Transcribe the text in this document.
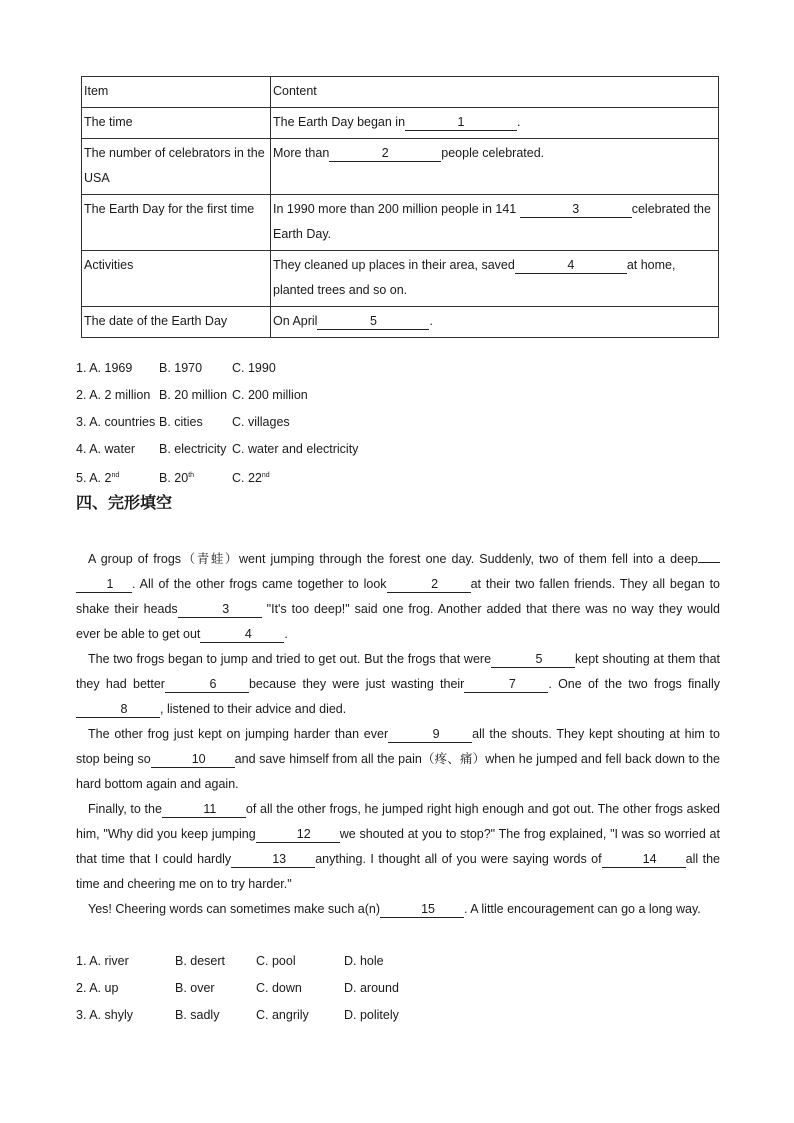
Item	Content
The time	The Earth Day began in 1 .
The number of celebrators in the USA	More than 2 people celebrated.
The Earth Day for the first time	In 1990 more than 200 million people in 141 3 celebrated the Earth Day.
Activities	They cleaned up places in their area, saved 4 at home, planted trees and so on.
The date of the Earth Day	On April 5 .
1. A. 1969 B. 1970 C. 1990
2. A. 2 million B. 20 million C. 200 million
3. A. countries B. cities C. villages
4. A. water B. electricity C. water and electricity
5. A. 2nd	B. 20th	C. 22nd
四、完形填空

A group of frogs（青蛙）went jumping through the forest one day. Suddenly, two of them fell into a deep1 . All of the other frogs came together to look	2	at their two fallen friends. They all began to shake their heads	3	"It's too deep!" said one frog. Another added that there was no way they would ever be able to get out	4	.

The two frogs began to jump and tried to get out. But the frogs that were	5	kept shouting at them that they had better	6	because they were just wasting their	7	. One of the two frogs finally8	, listened to their advice and died.

The other frog just kept on jumping harder than ever	9	all the shouts. They kept shouting at him to stop being so	10 and save himself from all the pain（疼、痛）when he jumped and fell back down to the hard bottom again and again.

Finally, to the	11 of all the other frogs, he jumped right high enough and got out. The other frogs asked him, "Why did you keep jumping	12 we shouted at you to stop?" The frog explained, "I was so worried at that time that I could hardly	13 anything. I thought all of you were saying words of	14 all the time and cheering me on to try harder."

Yes! Cheering words can sometimes make such a(n)	15 . A little encouragement can go a long way.

1. A. river	B. desert C. pool	D. hole
2. A. up	B. over	C. down	D. around
3. A. shyly	B. sadly	C. angrily	D. politely
